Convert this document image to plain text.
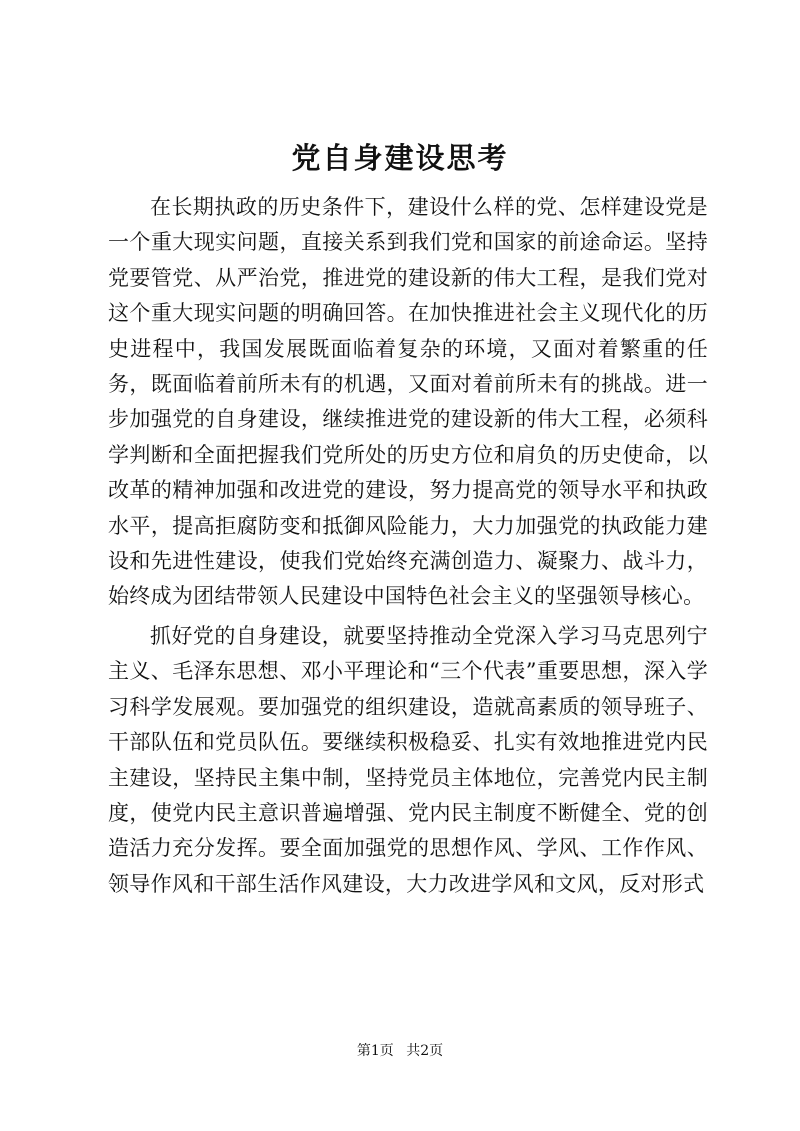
党自身建设思考

在长期执政的历史条件下，建设什么样的党、怎样建设党是一个重大现实问题，直接关系到我们党和国家的前途命运。坚持党要管党、从严治党，推进党的建设新的伟大工程，是我们党对这个重大现实问题的明确回答。在加快推进社会主义现代化的历史进程中，我国发展既面临着复杂的环境，又面对着繁重的任务，既面临着前所未有的机遇，又面对着前所未有的挑战。进一步加强党的自身建设，继续推进党的建设新的伟大工程，必须科学判断和全面把握我们党所处的历史方位和肩负的历史使命，以改革的精神加强和改进党的建设，努力提高党的领导水平和执政水平，提高拒腐防变和抵御风险能力，大力加强党的执政能力建设和先进性建设，使我们党始终充满创造力、凝聚力、战斗力，始终成为团结带领人民建设中国特色社会主义的坚强领导核心。

抓好党的自身建设，就要坚持推动全党深入学习马克思列宁主义、毛泽东思想、邓小平理论和“三个代表”重要思想，深入学习科学发展观。要加强党的组织建设，造就高素质的领导班子、干部队伍和党员队伍。要继续积极稳妥、扎实有效地推进党内民主建设，坚持民主集中制，坚持党员主体地位，完善党内民主制度，使党内民主意识普遍增强、党内民主制度不断健全、党的创造活力充分发挥。要全面加强党的思想作风、学风、工作作风、领导作风和干部生活作风建设，大力改进学风和文风，反对形式

第1页 共2页
